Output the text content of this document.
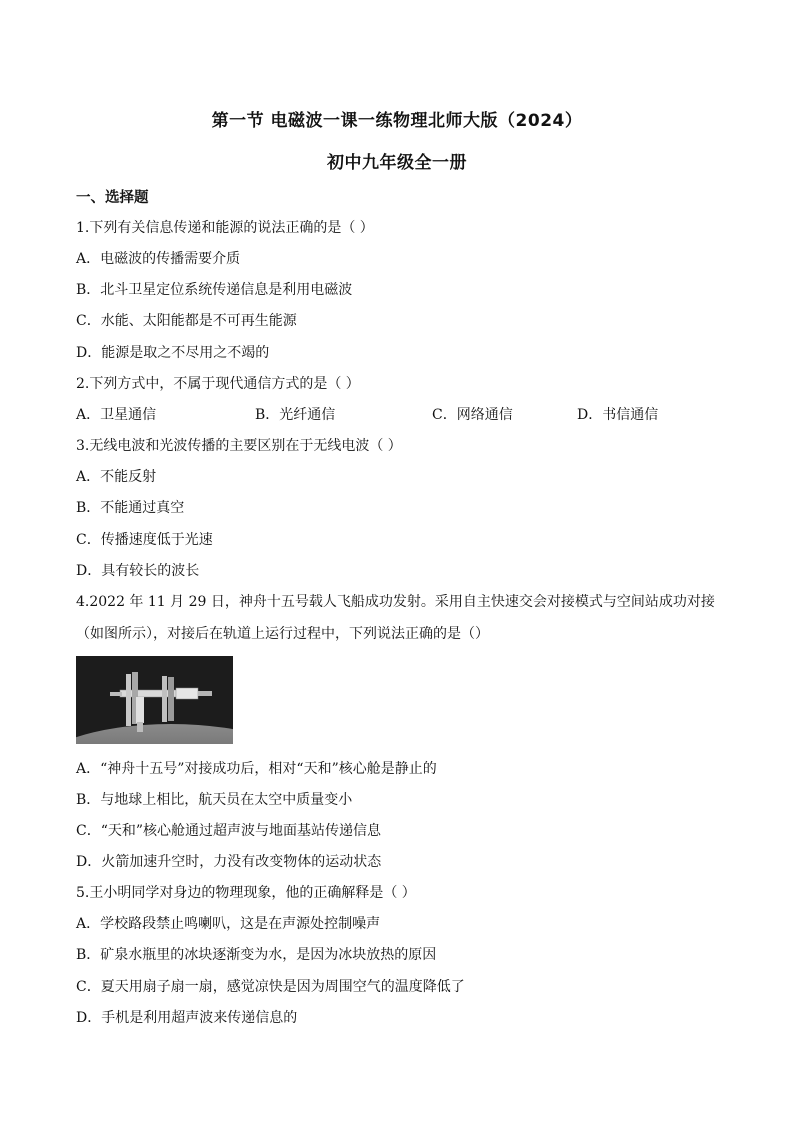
第一节 电磁波一课一练物理北师大版（2024）
初中九年级全一册
一、选择题
1.下列有关信息传递和能源的说法正确的是（ ）
A．电磁波的传播需要介质
B．北斗卫星定位系统传递信息是利用电磁波
C．水能、太阳能都是不可再生能源
D．能源是取之不尽用之不竭的
2.下列方式中，不属于现代通信方式的是（ ）
A．卫星通信	B．光纤通信	C．网络通信	D．书信通信
3.无线电波和光波传播的主要区别在于无线电波（ ）
A．不能反射
B．不能通过真空
C．传播速度低于光速
D．具有较长的波长
4.2022 年 11 月 29 日，神舟十五号载人飞船成功发射。采用自主快速交会对接模式与空间站成功对接
（如图所示），对接后在轨道上运行过程中，下列说法正确的是（）
A．“神舟十五号”对接成功后，相对“天和”核心舱是静止的
B．与地球上相比，航天员在太空中质量变小
C．“天和”核心舱通过超声波与地面基站传递信息
D．火箭加速升空时，力没有改变物体的运动状态
5.王小明同学对身边的物理现象，他的正确解释是（ ）
A．学校路段禁止鸣喇叭，这是在声源处控制噪声
B．矿泉水瓶里的冰块逐渐变为水，是因为冰块放热的原因
C．夏天用扇子扇一扇，感觉凉快是因为周围空气的温度降低了
D．手机是利用超声波来传递信息的
